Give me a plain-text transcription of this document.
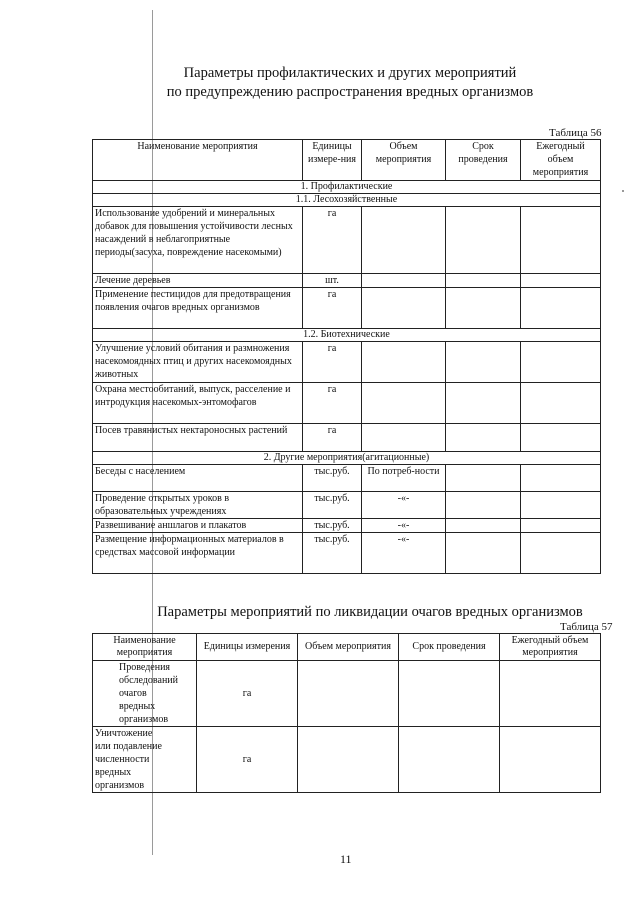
Параметры профилактических и других мероприятий
по предупреждению распространения вредных организмов
Таблица 56
Наименование мероприятия	Единицы измере-ния	Объем мероприятия	Срок проведения	Ежегодный объем мероприятия
1. Профилактические				
1.1. Лесохозяйственные				
Использование удобрений и минеральных добавок для повышения устойчивости лесных насаждений в неблагоприятные периоды(засуха, повреждение насекомыми)	га			
Лечение деревьев	шт.			
Применение пестицидов для предотвращения появления очагов вредных организмов	га			
1.2. Биотехнические				
Улучшение условий обитания и размножения насекомоядных птиц и других насекомоядных животных	га			
Охрана местообитаний, выпуск, расселение и интродукция насекомых-энтомофагов	га			
Посев травянистых нектароносных растений	га			
2. Другие мероприятия(агитационные)				
Беседы с населением	тыс.руб.	По потреб-ности		
Проведение открытых уроков в образовательных учреждениях	тыс.руб.	-«-		
Развешивание аншлагов и плакатов	тыс.руб.	-«-		
Размещение информационных материалов в средствах массовой информации	тыс.руб.	-«-		
Параметры мероприятий по ликвидации очагов вредных организмов
Таблица 57
Наименование мероприятия	Единицы измерения	Объем мероприятия	Срок проведения	Ежегодный объем мероприятия

Проведения обследований очагов вредных организмов	га			

Уничтожение или подавление численности вредных организмов	га			
11
